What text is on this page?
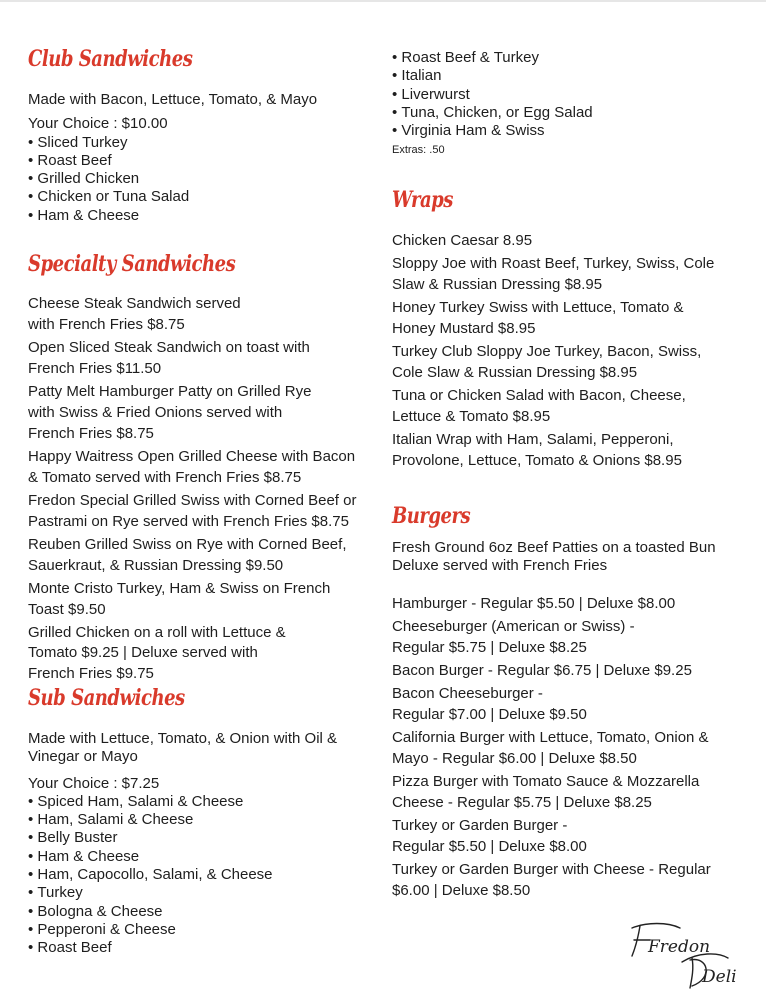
Club Sandwiches
Made with Bacon, Lettuce, Tomato, & Mayo
Your Choice : $10.00
• Sliced Turkey
• Roast Beef
• Grilled Chicken
• Chicken or Tuna Salad
• Ham & Cheese
Specialty Sandwiches
Cheese Steak Sandwich served
with French Fries $8.75
Open Sliced Steak Sandwich on toast with
French Fries $11.50
Patty Melt Hamburger Patty on Grilled Rye
with Swiss & Fried Onions served with
French Fries $8.75
Happy Waitress Open Grilled Cheese with Bacon
& Tomato served with French Fries $8.75
Fredon Special Grilled Swiss with Corned Beef or
Pastrami on Rye served with French Fries $8.75
Reuben Grilled Swiss on Rye with Corned Beef,
Sauerkraut, & Russian Dressing $9.50
Monte Cristo Turkey, Ham & Swiss on French
Toast $9.50
Grilled Chicken on a roll with Lettuce &
Tomato $9.25 | Deluxe served with
French Fries $9.75
Sub Sandwiches
Made with Lettuce, Tomato, & Onion with Oil &
Vinegar or Mayo
Your Choice : $7.25
• Spiced Ham, Salami & Cheese
• Ham, Salami & Cheese
• Belly Buster
• Ham & Cheese
• Ham, Capocollo, Salami, & Cheese
• Turkey
• Bologna & Cheese
• Pepperoni & Cheese
• Roast Beef
• Roast Beef & Turkey
• Italian
• Liverwurst
• Tuna, Chicken, or Egg Salad
• Virginia Ham & Swiss
Extras: .50
Wraps
Chicken Caesar 8.95
Sloppy Joe with Roast Beef, Turkey, Swiss, Cole
Slaw & Russian Dressing $8.95
Honey Turkey Swiss with Lettuce, Tomato &
Honey Mustard $8.95
Turkey Club Sloppy Joe Turkey, Bacon, Swiss,
Cole Slaw & Russian Dressing $8.95
Tuna or Chicken Salad with Bacon, Cheese,
Lettuce & Tomato $8.95
Italian Wrap with Ham, Salami, Pepperoni,
Provolone, Lettuce, Tomato & Onions $8.95
Burgers
Fresh Ground 6oz Beef Patties on a toasted Bun
Deluxe served with French Fries
Hamburger - Regular $5.50 | Deluxe $8.00
Cheeseburger (American or Swiss) -
Regular $5.75 | Deluxe $8.25
Bacon Burger - Regular $6.75 | Deluxe $9.25
Bacon Cheeseburger -
Regular $7.00 | Deluxe $9.50
California Burger with Lettuce, Tomato, Onion &
Mayo - Regular $6.00 | Deluxe $8.50
Pizza Burger with Tomato Sauce & Mozzarella
Cheese - Regular $5.75 | Deluxe $8.25
Turkey or Garden Burger -
Regular $5.50 | Deluxe $8.00
Turkey or Garden Burger with Cheese - Regular
$6.00 | Deluxe $8.50
Fredon
Deli
